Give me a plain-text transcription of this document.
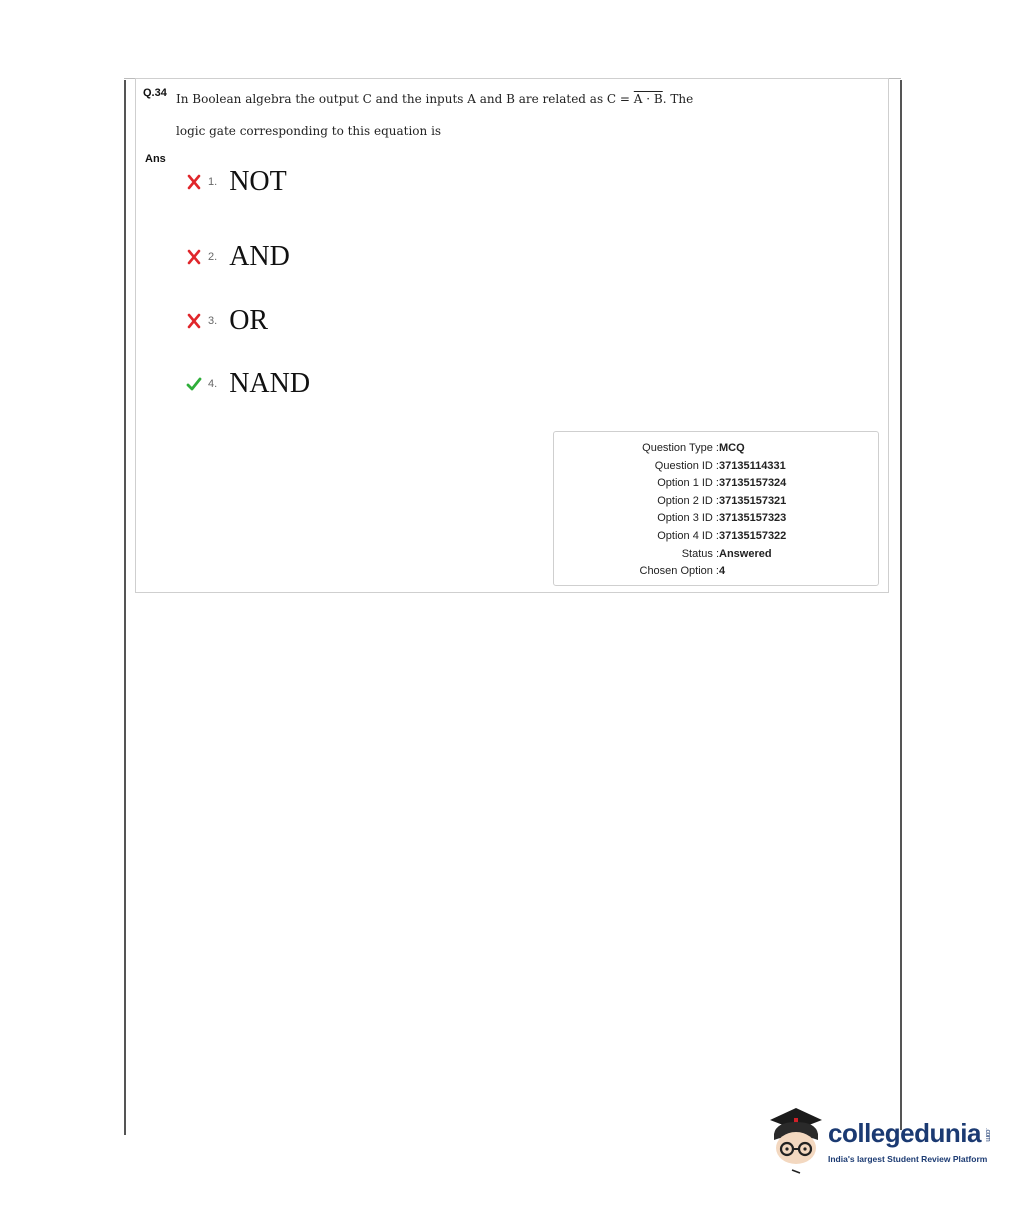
Q.34 In Boolean algebra the output C and the inputs A and B are related as C = A · B. The
logic gate corresponding to this equation is
Ans
1. NOT
2. AND
3. OR
4. NAND
Question Type : MCQ
Question ID : 37135114331
Option 1 ID : 37135157324
Option 2 ID : 37135157321
Option 3 ID : 37135157323
Option 4 ID : 37135157322
Status : Answered
Chosen Option : 4
collegedunia .com
India's largest Student Review Platform
